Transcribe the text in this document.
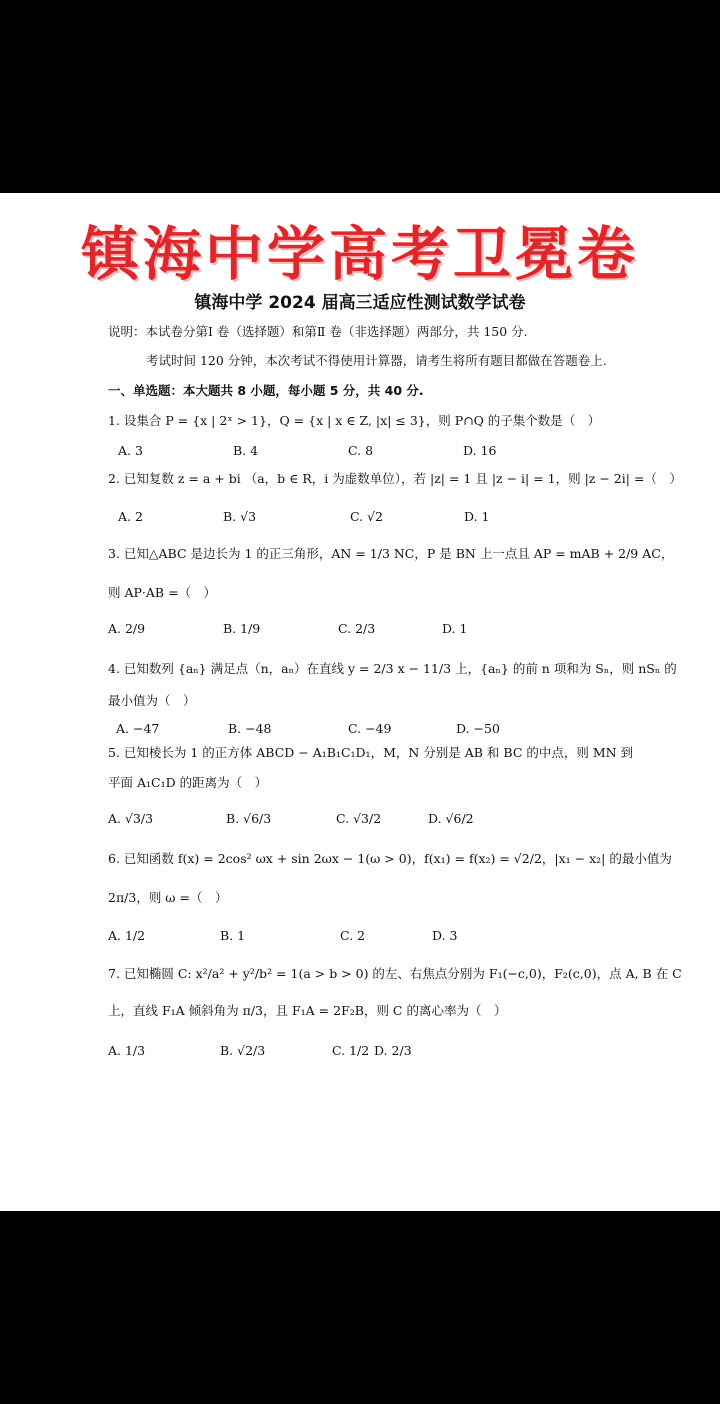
镇海中学高考卫冕卷
镇海中学 2024 届高三适应性测试数学试卷
说明：本试卷分第Ⅰ 卷（选择题）和第Ⅱ 卷（非选择题）两部分，共 150 分.
考试时间 120 分钟，本次考试不得使用计算器，请考生将所有题目都做在答题卷上.
一、单选题：本大题共 8 小题，每小题 5 分，共 40 分.
1. 设集合 P = {x | 2ˣ > 1}，Q = {x | x ∈ Z, |x| ≤ 3}，则 P∩Q 的子集个数是（　）
A. 3	B. 4	C. 8	D. 16
2. 已知复数 z = a + bi （a，b ∈ R，i 为虚数单位），若 |z| = 1 且 |z − i| = 1，则 |z − 2i| =（　）
A. 2	B. √3	C. √2	D. 1
3. 已知△ABC 是边长为 1 的正三角形，AN = 1/3 NC，P 是 BN 上一点且 AP = mAB + 2/9 AC，
则 AP·AB =（　）
A. 2/9	B. 1/9	C. 2/3	D. 1
4. 已知数列 {aₙ} 满足点（n，aₙ）在直线 y = 2/3 x − 11/3 上，{aₙ} 的前 n 项和为 Sₙ，则 nSₙ 的
最小值为（　）
A. −47	B. −48	C. −49	D. −50
5. 已知棱长为 1 的正方体 ABCD − A₁B₁C₁D₁，M，N 分别是 AB 和 BC 的中点，则 MN 到
平面 A₁C₁D 的距离为（　）
A. √3/3	B. √6/3	C. √3/2	D. √6/2
6. 已知函数 f(x) = 2cos² ωx + sin 2ωx − 1(ω > 0)，f(x₁) = f(x₂) = √2/2，|x₁ − x₂| 的最小值为
2π/3，则 ω =（　）
A. 1/2	B. 1	C. 2	D. 3
7. 已知椭圆 C: x²/a² + y²/b² = 1(a > b > 0) 的左、右焦点分别为 F₁(−c,0)，F₂(c,0)，点 A, B 在 C
上，直线 F₁A 倾斜角为 π/3，且 F₁A = 2F₂B，则 C 的离心率为（　）
A. 1/3	B. √2/3	C. 1/2 D. 2/3
